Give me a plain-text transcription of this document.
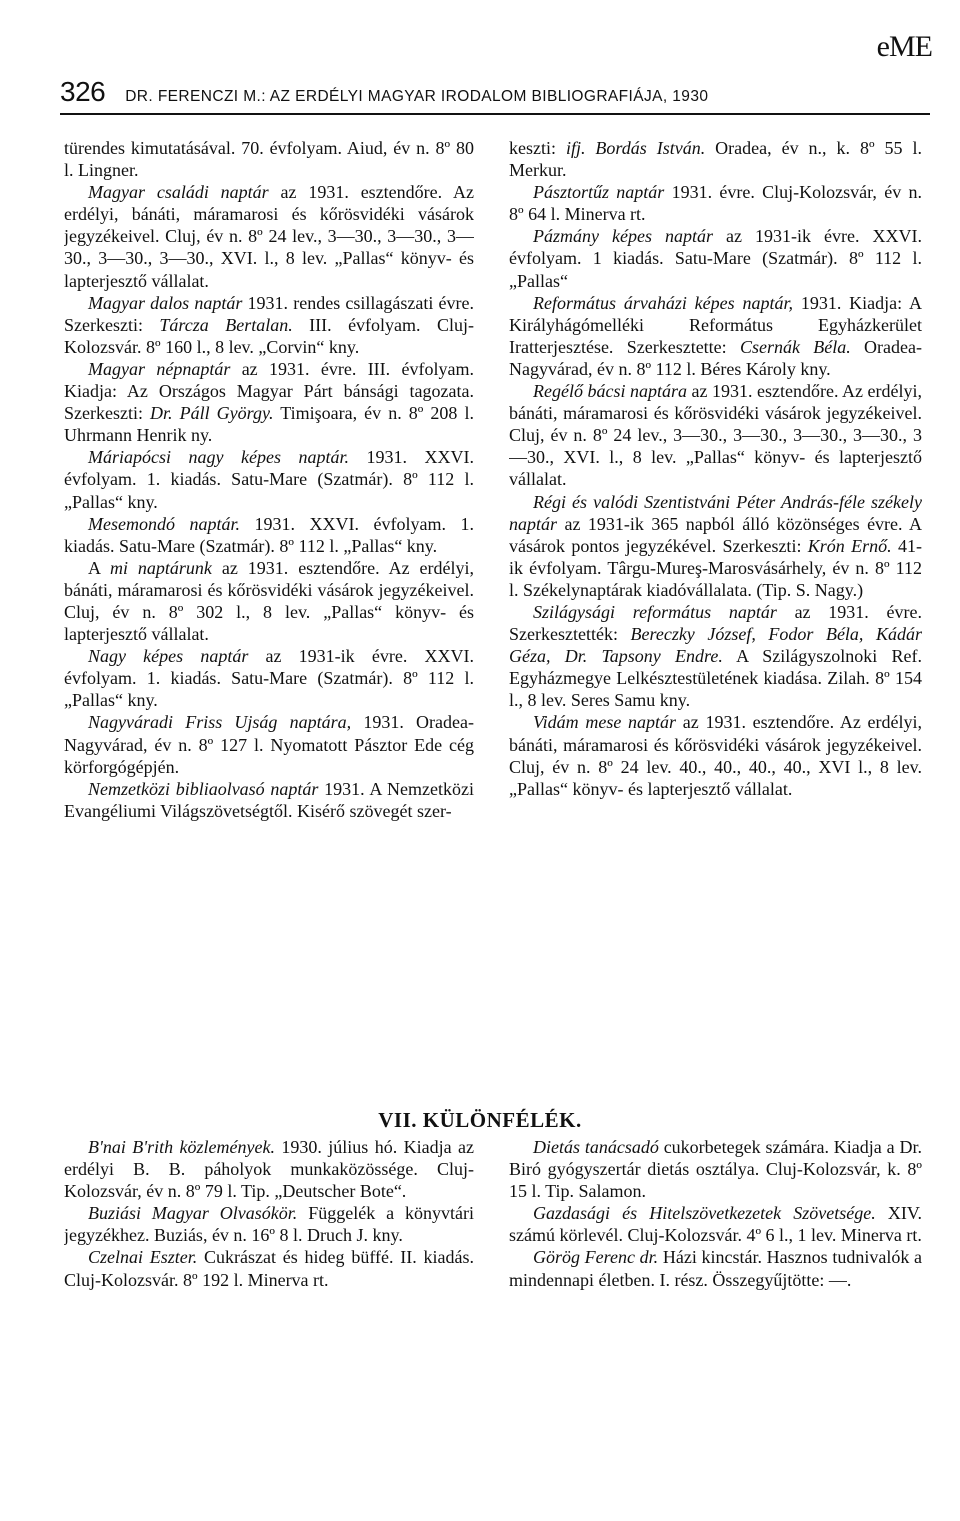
eME
326 DR. FERENCZI M.: AZ ERDÉLYI MAGYAR IRODALOM BIBLIOGRAFIÁJA, 1930

türendes kimutatásával. 70. évfolyam. Aiud, év n. 8º 80 l. Lingner.

Magyar családi naptár az 1931. esztendőre. Az erdélyi, bánáti, máramarosi és kőrösvidéki vásárok jegyzékeivel. Cluj, év n. 8º 24 lev., 3—30., 3—30., 3—30., 3—30., 3—30., XVI. l., 8 lev. „Pallas“ könyv- és lapterjesztő vállalat.

Magyar dalos naptár 1931. rendes csillagászati évre. Szerkeszti: Tárcza Bertalan. III. évfolyam. Cluj-Kolozsvár. 8º 160 l., 8 lev. „Corvin“ kny.

Magyar népnaptár az 1931. évre. III. évfolyam. Kiadja: Az Országos Magyar Párt bánsági tagozata. Szerkeszti: Dr. Páll György. Timişoara, év n. 8º 208 l. Uhrmann Henrik ny.

Máriapócsi nagy képes naptár. 1931. XXVI. évfolyam. 1. kiadás. Satu-Mare (Szatmár). 8º 112 l. „Pallas“ kny.

Mesemondó naptár. 1931. XXVI. évfolyam. 1. kiadás. Satu-Mare (Szatmár). 8º 112 l. „Pallas“ kny.

A mi naptárunk az 1931. esztendőre. Az erdélyi, bánáti, máramarosi és kőrösvidéki vásárok jegyzékeivel. Cluj, év n. 8º 302 l., 8 lev. „Pallas“ könyv- és lapterjesztő vállalat.

Nagy képes naptár az 1931-ik évre. XXVI. évfolyam. 1. kiadás. Satu-Mare (Szatmár). 8º 112 l. „Pallas“ kny.

Nagyváradi Friss Ujság naptára, 1931. Oradea-Nagyvárad, év n. 8º 127 l. Nyomatott Pásztor Ede cég körforgógépjén.

Nemzetközi bibliaolvasó naptár 1931. A Nemzetközi Evangéliumi Világszövetségtől. Kisérő szövegét szer-

keszti: ifj. Bordás István. Oradea, év n., k. 8º 55 l. Merkur.

Pásztortűz naptár 1931. évre. Cluj-Kolozsvár, év n. 8º 64 l. Minerva rt.

Pázmány képes naptár az 1931-ik évre. XXVI. évfolyam. 1 kiadás. Satu-Mare (Szatmár). 8º 112 l. „Pallas“

Református árvaházi képes naptár, 1931. Kiadja: A Királyhágómelléki Református Egyházkerület Iratterjesztése. Szerkesztette: Csernák Béla. Oradea-Nagyvárad, év n. 8º 112 l. Béres Károly kny.

Regélő bácsi naptára az 1931. esztendőre. Az erdélyi, bánáti, máramarosi és kőrösvidéki vásárok jegyzékeivel. Cluj, év n. 8º 24 lev., 3—30., 3—30., 3—30., 3—30., 3—30., XVI. l., 8 lev. „Pallas“ könyv- és lapterjesztő vállalat.

Régi és valódi Szentistváni Péter András-féle székely naptár az 1931-ik 365 napból álló közönséges évre. A vásárok pontos jegyzékével. Szerkeszti: Krón Ernő. 41-ik évfolyam. Târgu-Mureş-Marosvásárhely, év n. 8º 112 l. Székelynaptárak kiadóvállalata. (Tip. S. Nagy.)

Szilágysági református naptár az 1931. évre. Szerkesztették: Bereczky József, Fodor Béla, Kádár Géza, Dr. Tapsony Endre. A Szilágyszolnoki Ref. Egyházmegye Lelkésztestületének kiadása. Zilah. 8º 154 l., 8 lev. Seres Samu kny.

Vidám mese naptár az 1931. esztendőre. Az erdélyi, bánáti, máramarosi és kőrösvidéki vásárok jegyzékeivel. Cluj, év n. 8º 24 lev. 40., 40., 40., 40., XVI l., 8 lev. „Pallas“ könyv- és lapterjesztő vállalat.

VII. KÜLÖNFÉLÉK.

B'nai B'rith közlemények. 1930. július hó. Kiadja az erdélyi B. B. páholyok munkaközössége. Cluj-Kolozsvár, év n. 8º 79 l. Tip. „Deutscher Bote“.

Buziási Magyar Olvasókör. Függelék a könyvtári jegyzékhez. Buziás, év n. 16º 8 l. Druch J. kny.

Czelnai Eszter. Cukrászat és hideg büffé. II. kiadás. Cluj-Kolozsvár. 8º 192 l. Minerva rt.

Dietás tanácsadó cukorbetegek számára. Kiadja a Dr. Biró gyógyszertár dietás osztálya. Cluj-Kolozsvár, k. 8º 15 l. Tip. Salamon.

Gazdasági és Hitelszövetkezetek Szövetsége. XIV. számú körlevél. Cluj-Kolozsvár. 4º 6 l., 1 lev. Minerva rt.

Görög Ferenc dr. Házi kincstár. Hasznos tudnivalók a mindennapi életben. I. rész. Összegyűjtötte: —.
